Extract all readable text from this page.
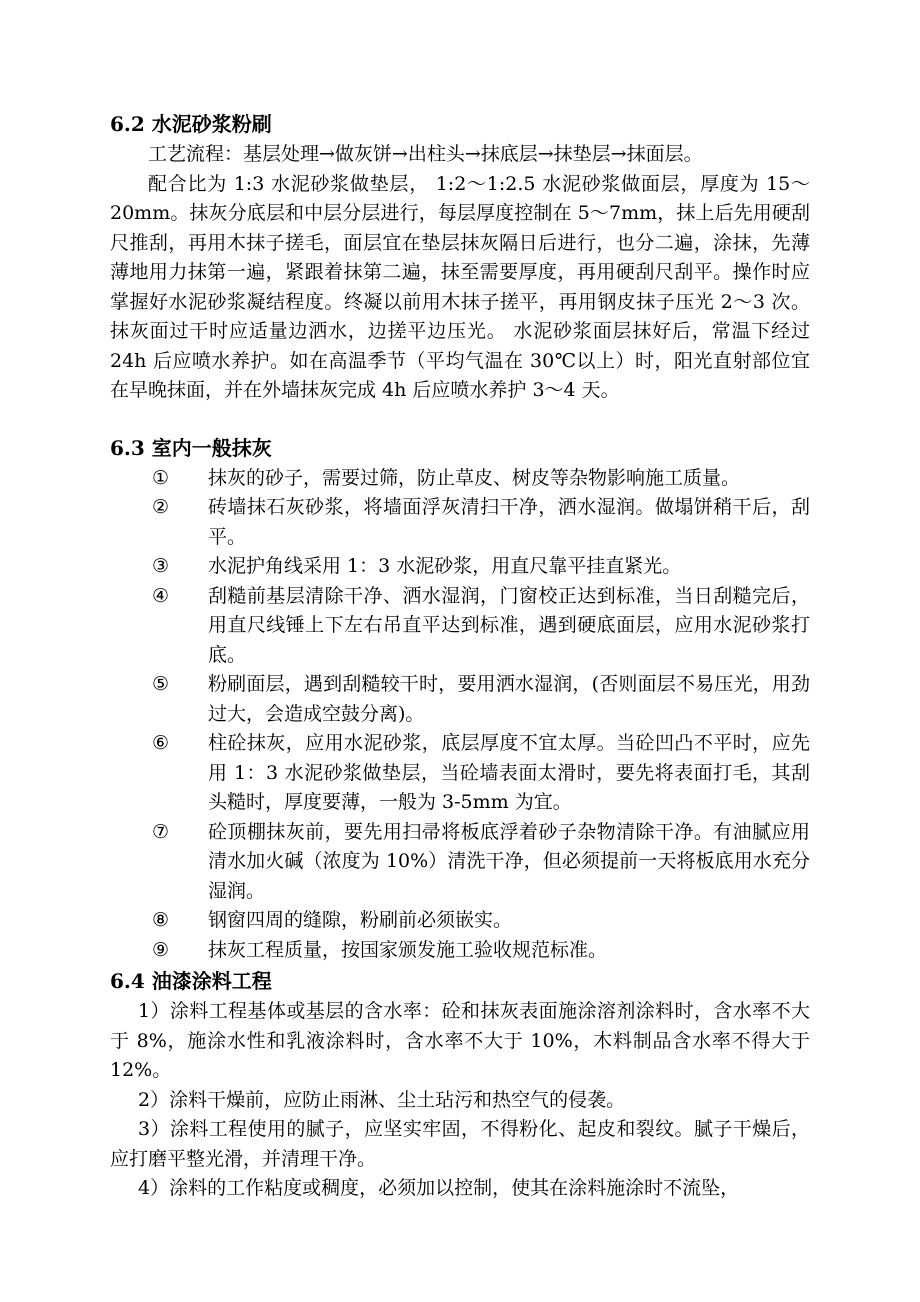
6.2 水泥砂浆粉刷

工艺流程：基层处理→做灰饼→出柱头→抹底层→抹垫层→抹面层。

配合比为 1:3 水泥砂浆做垫层， 1:2～1:2.5 水泥砂浆做面层，厚度为 15～20mm。抹灰分底层和中层分层进行，每层厚度控制在 5～7mm，抹上后先用硬刮尺推刮，再用木抹子搓毛，面层宜在垫层抹灰隔日后进行，也分二遍，涂抹，先薄薄地用力抹第一遍，紧跟着抹第二遍，抹至需要厚度，再用硬刮尺刮平。操作时应掌握好水泥砂浆凝结程度。终凝以前用木抹子搓平，再用钢皮抹子压光 2～3 次。抹灰面过干时应适量边洒水，边搓平边压光。 水泥砂浆面层抹好后，常温下经过 24h 后应喷水养护。如在高温季节（平均气温在 30℃以上）时，阳光直射部位宜在早晚抹面，并在外墙抹灰完成 4h 后应喷水养护 3～4 天。

6.3 室内一般抹灰
①	抹灰的砂子，需要过筛，防止草皮、树皮等杂物影响施工质量。
②	砖墙抹石灰砂浆，将墙面浮灰清扫干净，洒水湿润。做塌饼稍干后，刮平。
③	水泥护角线采用 1：3 水泥砂浆，用直尺靠平挂直紧光。
④	刮糙前基层清除干净、洒水湿润，门窗校正达到标准，当日刮糙完后，用直尺线锤上下左右吊直平达到标准，遇到硬底面层，应用水泥砂浆打底。
⑤	粉刷面层，遇到刮糙较干时，要用洒水湿润，(否则面层不易压光，用劲过大，会造成空鼓分离)。
⑥	柱砼抹灰，应用水泥砂浆，底层厚度不宜太厚。当砼凹凸不平时，应先用 1：3 水泥砂浆做垫层，当砼墙表面太滑时，要先将表面打毛，其刮头糙时，厚度要薄，一般为 3-5mm 为宜。
⑦	砼顶棚抹灰前，要先用扫帚将板底浮着砂子杂物清除干净。有油腻应用清水加火碱（浓度为 10%）清洗干净，但必须提前一天将板底用水充分湿润。
⑧	钢窗四周的缝隙，粉刷前必须嵌实。
⑨	抹灰工程质量，按国家颁发施工验收规范标准。
6.4 油漆涂料工程

1）涂料工程基体或基层的含水率：砼和抹灰表面施涂溶剂涂料时，含水率不大于 8%，施涂水性和乳液涂料时，含水率不大于 10%，木料制品含水率不得大于 12%。

2）涂料干燥前，应防止雨淋、尘土玷污和热空气的侵袭。

3）涂料工程使用的腻子，应坚实牢固，不得粉化、起皮和裂纹。腻子干燥后，应打磨平整光滑，并清理干净。

4）涂料的工作粘度或稠度，必须加以控制，使其在涂料施涂时不流坠，
